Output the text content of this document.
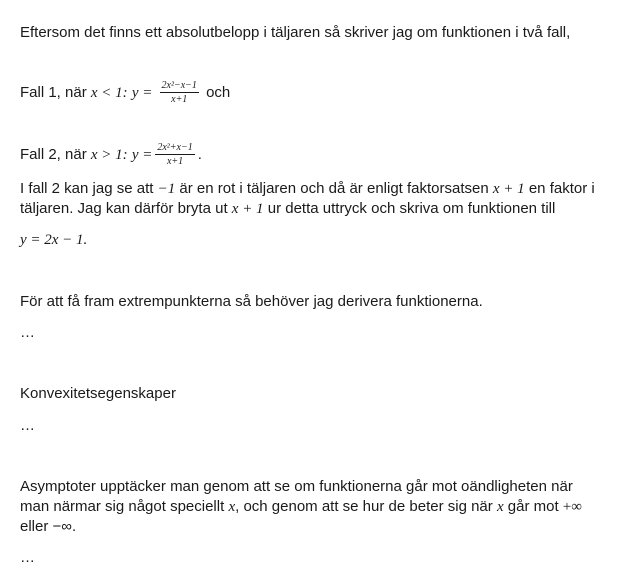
Eftersom det finns ett absolutbelopp i täljaren så skriver jag om funktionen i två fall,
Fall 1, när x < 1: $y = \frac{\text{2x²−x−1}}{x+1}$ och
Fall 2, när x > 1: $y = \frac{\text{2x²+x−1}}{x+1}$ .
I fall 2 kan jag se att −1 är en rot i täljaren och då är enligt faktorsatsen x + 1 en faktor i
täljaren. Jag kan därför bryta ut x + 1 ur detta uttryck och skriva om funktionen till
y = 2x − 1.
För att få fram extrempunkterna så behöver jag derivera funktionerna.
…
Konvexitetsegenskaper
…
Asymptoter upptäcker man genom att se om funktionerna går mot oändligheten när
man närmar sig något speciellt x, och genom att se hur de beter sig när x går mot +∞
eller −∞.
…
